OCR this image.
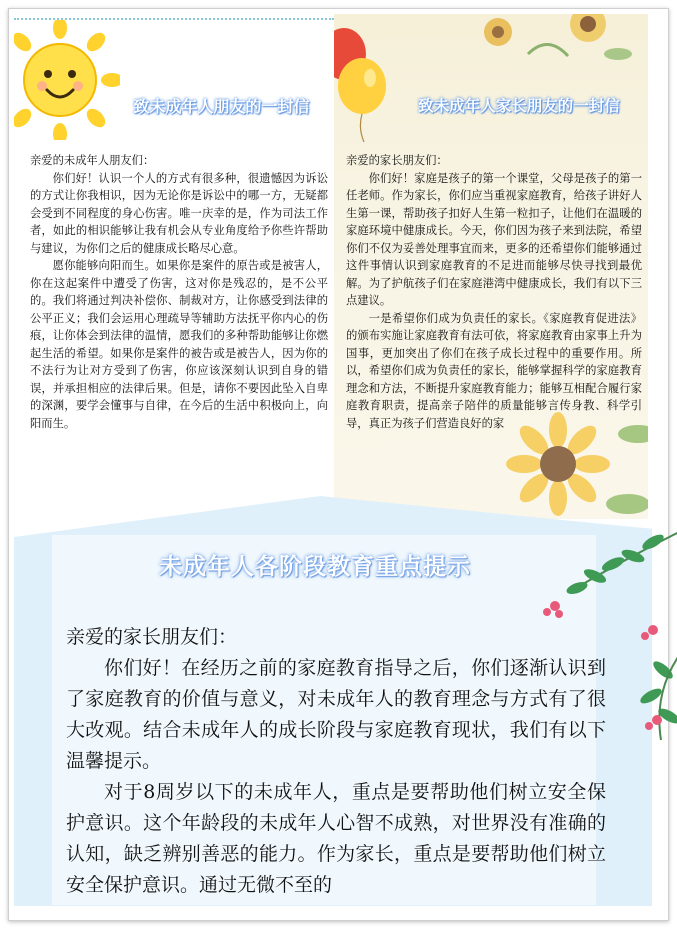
致未成年人朋友的一封信

亲爱的未成年人朋友们：

你们好！认识一个人的方式有很多种，很遗憾因为诉讼的方式让你我相识，因为无论你是诉讼中的哪一方，无疑都会受到不同程度的身心伤害。唯一庆幸的是，作为司法工作者，如此的相识能够让我有机会从专业角度给予你些许帮助与建议，为你们之后的健康成长略尽心意。

愿你能够向阳而生。如果你是案件的原告或是被害人，你在这起案件中遭受了伤害，这对你是残忍的，是不公平的。我们将通过判决补偿你、制裁对方，让你感受到法律的公平正义；我们会运用心理疏导等辅助方法抚平你内心的伤痕，让你体会到法律的温情，愿我们的多种帮助能够让你燃起生活的希望。如果你是案件的被告或是被告人，因为你的不法行为让对方受到了伤害，你应该深刻认识到自身的错误，并承担相应的法律后果。但是，请你不要因此坠入自卑的深渊，要学会懂事与自律，在今后的生活中积极向上，向阳而生。

致未成年人家长朋友的一封信

亲爱的家长朋友们：

你们好！家庭是孩子的第一个课堂，父母是孩子的第一任老师。作为家长，你们应当重视家庭教育，给孩子讲好人生第一课，帮助孩子扣好人生第一粒扣子，让他们在温暖的家庭环境中健康成长。今天，你们因为孩子来到法院，希望你们不仅为妥善处理事宜而来，更多的还希望你们能够通过这件事情认识到家庭教育的不足进而能够尽快寻找到最优解。为了护航孩子们在家庭港湾中健康成长，我们有以下三点建议。

一是希望你们成为负责任的家长。《家庭教育促进法》的颁布实施让家庭教育有法可依，将家庭教育由家事上升为国事，更加突出了你们在孩子成长过程中的重要作用。所以，希望你们成为负责任的家长，能够掌握科学的家庭教育理念和方法，不断提升家庭教育能力；能够互相配合履行家庭教育职责，提高亲子陪伴的质量能够言传身教、科学引导，真正为孩子们营造良好的家

未成年人各阶段教育重点提示

亲爱的家长朋友们：

你们好！在经历之前的家庭教育指导之后，你们逐渐认识到了家庭教育的价值与意义，对未成年人的教育理念与方式有了很大改观。结合未成年人的成长阶段与家庭教育现状，我们有以下温馨提示。

对于8周岁以下的未成年人，重点是要帮助他们树立安全保护意识。这个年龄段的未成年人心智不成熟，对世界没有准确的认知，缺乏辨别善恶的能力。作为家长，重点是要帮助他们树立安全保护意识。通过无微不至的
